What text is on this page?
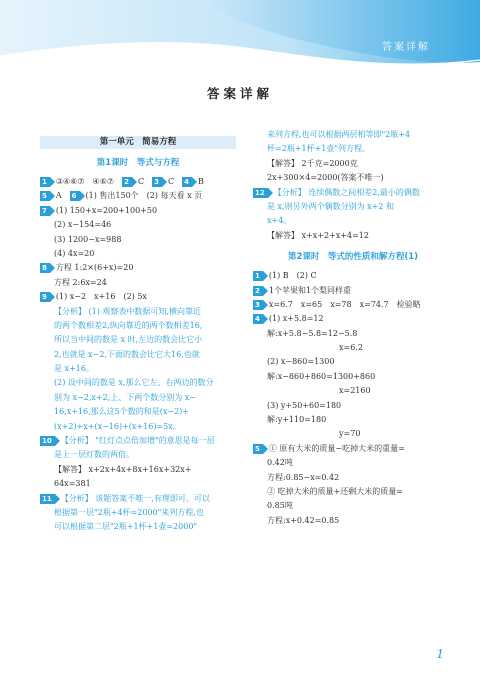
答案详解
答案详解
第一单元　简易方程
第1课时　等式与方程
1 ③④⑥⑦　④⑥⑦ 2 C 3 C 4 B
5 A 6 (1) 售出150个　(2) 每天看 x 页
7 (1) 150+x=200+100+50
(2) x−154=46
(3) 1200−x=988
(4) 4x=20
8 方程 1:2×(6+x)=20
方程 2:6x=24
9 (1) x−2　x+16　(2) 5x
【分析】 (1) 观察表中数据可知,横向靠近
的两个数相差2,纵向靠近的两个数相差16,
所以当中间的数是 x 时,左边的数会比它小
2,也就是 x−2,下面的数会比它大16,也就
是 x+16。
(2) 设中间的数是 x,那么它左、右两边的数分
别为 x−2,x+2,上、下两个数分别为 x−
16,x+16,那么这5个数的和是(x−2)+
(x+2)+x+(x−16)+(x+16)=5x。
10 【分析】 "红灯点点倍加增"的意思是每一层
是上一层灯数的两倍。
【解答】 x+2x+4x+8x+16x+32x+
64x=381
11 【分析】 该题答案不唯一,有理即可。可以
根据第一层"2瓶+4杯=2000"来列方程,也
可以根据第二层"2瓶+1杯+1壶=2000"
来列方程,也可以根据两层相等即"2瓶+4
杯=2瓶+1杯+1壶"列方程。
【解答】 2千克=2000克
2x+300×4=2000(答案不唯一)
12 【分析】 连续偶数之间相差2,最小的偶数
是 x,则另外两个偶数分别为 x+2 和
x+4。
【解答】 x+x+2+x+4=12
第2课时　等式的性质和解方程(1)
1 (1) B　(2) C
2 1个苹果和1个梨同样重
3 x=6.7　x=65　x=78　x=74.7　检验略
4 (1) x+5.8=12
解:x+5.8−5.8=12−5.8
x=6.2
(2) x−860=1300
解:x−860+860=1300+860
x=2160
(3) y+50+60=180
解:y+110=180
y=70
5 ① 原有大米的质量−吃掉大米的重量=
0.42吨
方程:0.85−x=0.42
② 吃掉大米的质量+还剩大米的质量=
0.85吨
方程:x+0.42=0.85
1
